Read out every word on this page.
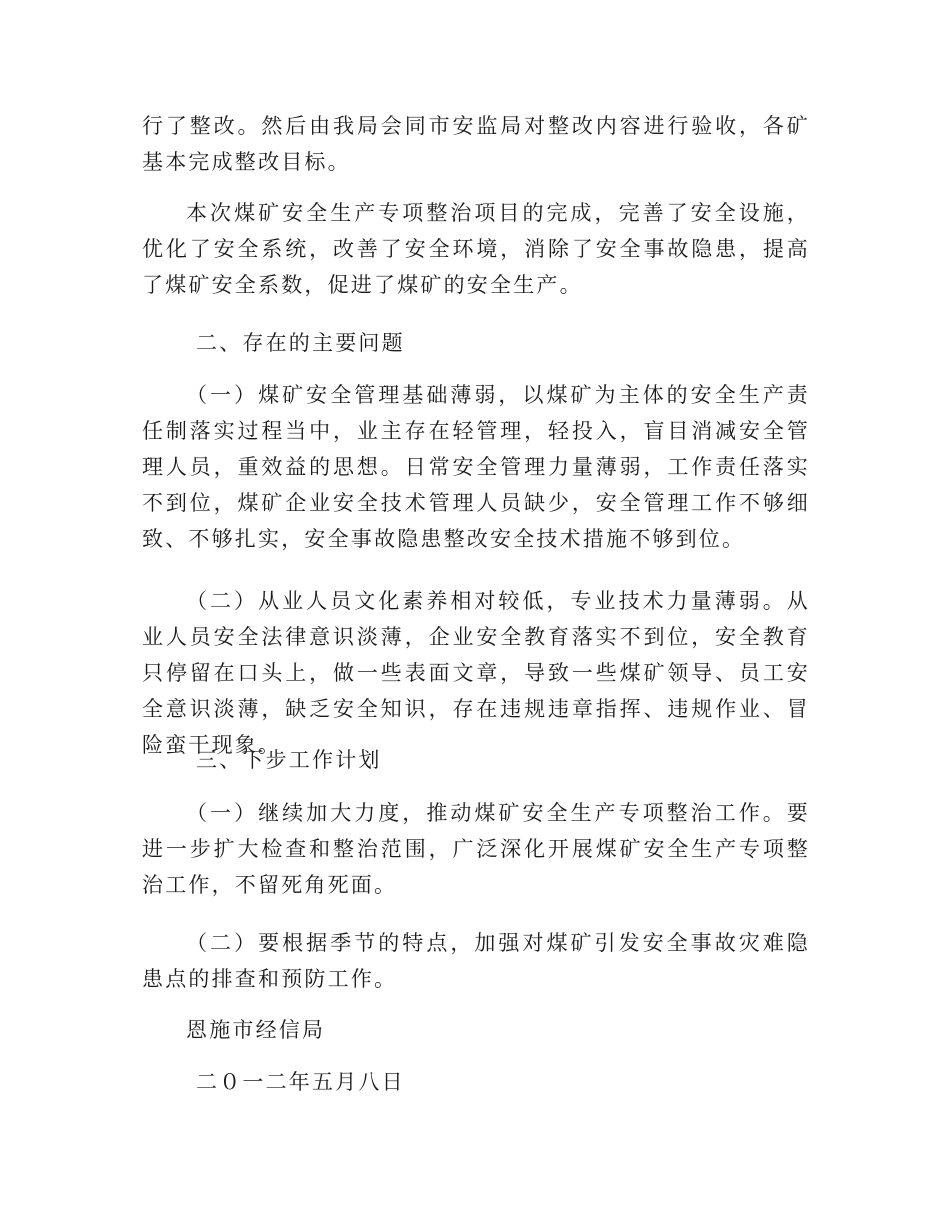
行了整改。然后由我局会同市安监局对整改内容进行验收，各矿基本完成整改目标。

本次煤矿安全生产专项整治项目的完成，完善了安全设施，优化了安全系统，改善了安全环境，消除了安全事故隐患，提高了煤矿安全系数，促进了煤矿的安全生产。

二、存在的主要问题

（一）煤矿安全管理基础薄弱，以煤矿为主体的安全生产责任制落实过程当中，业主存在轻管理，轻投入，盲目消减安全管理人员，重效益的思想。日常安全管理力量薄弱，工作责任落实不到位，煤矿企业安全技术管理人员缺少，安全管理工作不够细致、不够扎实，安全事故隐患整改安全技术措施不够到位。

（二）从业人员文化素养相对较低，专业技术力量薄弱。从业人员安全法律意识淡薄，企业安全教育落实不到位，安全教育只停留在口头上，做一些表面文章，导致一些煤矿领导、员工安全意识淡薄，缺乏安全知识，存在违规违章指挥、违规作业、冒险蛮干现象。

三、下步工作计划

（一）继续加大力度，推动煤矿安全生产专项整治工作。要进一步扩大检查和整治范围，广泛深化开展煤矿安全生产专项整治工作，不留死角死面。

（二）要根据季节的特点，加强对煤矿引发安全事故灾难隐患点的排查和预防工作。

恩施市经信局

二０一二年五月八日
